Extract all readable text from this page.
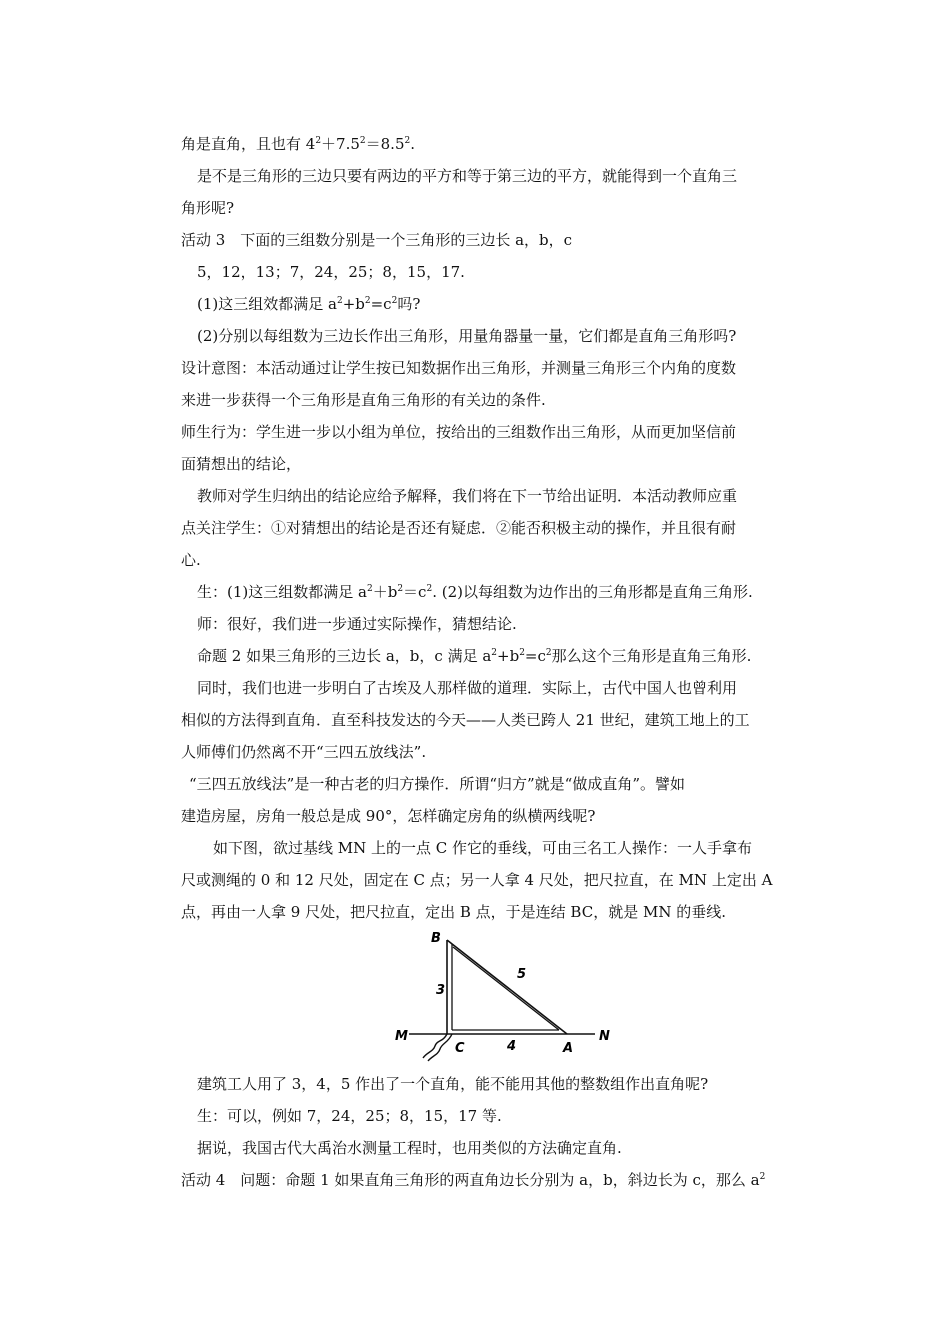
角是直角，且也有 $4^2+7.5^2=8.5^2$.

是不是三角形的三边只要有两边的平方和等于第三边的平方，就能得到一个直角三

角形呢?

活动 3　下面的三组数分别是一个三角形的三边长 a，b，c

5，12，13；7，24，25；8，15，17.

(1)这三组效都满足 $a^2+b^2=c^2$吗?

(2)分别以每组数为三边长作出三角形，用量角器量一量，它们都是直角三角形吗?

设计意图：本活动通过让学生按已知数据作出三角形，并测量三角形三个内角的度数

来进一步获得一个三角形是直角三角形的有关边的条件.

师生行为：学生进一步以小组为单位，按给出的三组数作出三角形，从而更加坚信前

面猜想出的结论，

教师对学生归纳出的结论应给予解释，我们将在下一节给出证明．本活动教师应重

点关注学生：①对猜想出的结论是否还有疑虑．②能否积极主动的操作，并且很有耐

心.

生：(1)这三组数都满足 $a^2+b^2=c^2$. (2)以每组数为边作出的三角形都是直角三角形.

师：很好，我们进一步通过实际操作，猜想结论.

命题 2 如果三角形的三边长 a，b，c 满足 $a^2+b^2=c^2$那么这个三角形是直角三角形.

同时，我们也进一步明白了古埃及人那样做的道理．实际上，古代中国人也曾利用

相似的方法得到直角．直至科技发达的今天——人类已跨人 21 世纪，建筑工地上的工

人师傅们仍然离不开“三四五放线法”.

“三四五放线法”是一种古老的归方操作．所谓“归方”就是“做成直角”。譬如

建造房屋，房角一般总是成 90°，怎样确定房角的纵横两线呢?

如下图，欲过基线 MN 上的一点 C 作它的垂线，可由三名工人操作：一人手拿布

尺或测绳的 0 和 12 尺处，固定在 C 点；另一人拿 4 尺处，把尺拉直，在 MN 上定出 A

点，再由一人拿 9 尺处，把尺拉直，定出 B 点，于是连结 BC，就是 MN 的垂线.

B
M	N
C	A
3
4
5

建筑工人用了 3，4，5 作出了一个直角，能不能用其他的整数组作出直角呢?

生：可以，例如 7，24，25；8，15，17 等.

据说，我国古代大禹治水测量工程时，也用类似的方法确定直角.

活动 4　问题：命题 1 如果直角三角形的两直角边长分别为 a，b，斜边长为 c，那么 $a^2$
